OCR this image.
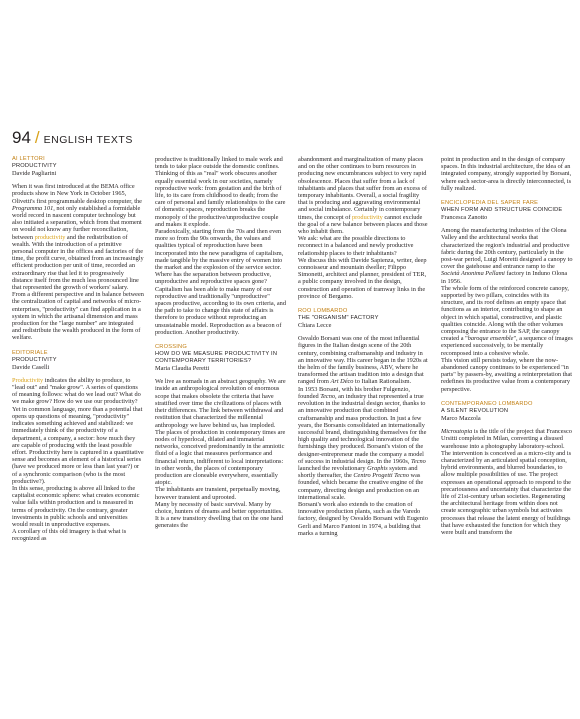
94 / ENGLISH TEXTS
AI LETTORI
PRODUCTIVITY
Davide Pagliarini

When it was first introduced at the BEMA office products show in New York in October 1965, Olivetti's first programmable desktop computer, the Programma 101, not only established a formidable world record in nascent computer technology but also initiated a separation, which from that moment on would not know any further reconciliation, between productivity and the redistribution of wealth. With the introduction of a primitive personal computer in the offices and factories of the time, the profit curve, obtained from an increasingly efficient production per unit of time, recorded an extraordinary rise that led it to progressively distance itself from the much less pronounced line that represented the growth of workers' salary.

From a different perspective and in balance between the centralization of capital and networks of micro-enterprises, "productivity" can find application in a system in which the artisanal dimension and mass production for the "large number" are integrated and redistribute the wealth produced in the form of welfare.

EDITORIALE
PRODUCTIVITY
Davide Caselli

Productivity indicates the ability to produce, to "lead out" and "make grow". A series of questions of meaning follows: what do we lead out? What do we make grow? How do we use our productivity? Yet in common language, more than a potential that opens up questions of meaning, "productivity" indicates something achieved and stabilized: we immediately think of the productivity of a department, a company, a sector: how much they are capable of producing with the least possible effort. Productivity here is captured in a quantitative sense and becomes an element of a historical series (have we produced more or less than last year?) or of a synchronic comparison (who is the most productive?).

In this sense, producing is above all linked to the capitalist economic sphere: what creates economic value falls within production and is measured in terms of productivity. On the contrary, greater investments in public schools and universities would result in unproductive expenses.

A corollary of this old imagery is that what is recognized as

productive is traditionally linked to male work and tends to take place outside the domestic confines. Thinking of this as "real" work obscures another equally essential work in our societies, namely reproductive work: from gestation and the birth of life, to its care from childhood to death; from the care of personal and family relationships to the care of domestic spaces, reproduction breaks the monopoly of the productive/unproductive couple and makes it explode.

Paradoxically, starting from the 70s and then even more so from the 90s onwards, the values and qualities typical of reproduction have been incorporated into the new paradigms of capitalism, made tangible by the massive entry of women into the market and the explosion of the service sector.

Where has the separation between productive, unproductive and reproductive spaces gone? Capitalism has been able to make many of our reproductive and traditionally "unproductive" spaces productive, according to its own criteria, and the path to take to change this state of affairs is therefore to produce without reproducing an unsustainable model. Reproduction as a beacon of production. Another productivity.

CROSSING
HOW DO WE MEASURE PRODUCTIVITY IN CONTEMPORARY TERRITORIES?
Maria Claudia Peretti

We live as nomads in an abstract geography. We are inside an anthropological revolution of enormous scope that makes obsolete the criteria that have stratified over time the civilizations of places with their differences. The link between withdrawal and restitution that characterized the millennial anthropology we have behind us, has imploded.

The places of production in contemporary times are nodes of hyperlocal, dilated and immaterial networks, conceived predominantly in the amniotic fluid of a logic that measures performance and financial return, indifferent to local interpretations: in other words, the places of contemporary production are cloneable everywhere, essentially atopic.

The inhabitants are transient, perpetually moving, however transient and uprooted.

Many by necessity of basic survival. Many by choice, hunters of dreams and better opportunities.

It is a new transitory dwelling that on the one hand generates the

abandonment and marginalization of many places and on the other continues to burn resources in producing new encumbrances subject to very rapid obsolescence. Places that suffer from a lack of inhabitants and places that suffer from an excess of temporary inhabitants. Overall, a social fragility that is producing and aggravating environmental and social imbalance. Certainly in contemporary times, the concept of productivity cannot exclude the goal of a new balance between places and those who inhabit them.

We ask: what are the possible directions to reconnect in a balanced and newly productive relationship places to their inhabitants?

We discuss this with Davide Sapienza, writer, deep connoisseur and mountain dweller; Filippo Simonetti, architect and planner, president of TER, a public company involved in the design, construction and operation of tramway links in the province of Bergamo.

ROO LOMBARDO
THE "ORGANISM" FACTORY
Chiara Lecce

Osvaldo Borsani was one of the most influential figures in the Italian design scene of the 20th century, combining craftsmanship and industry in an innovative way. His career began in the 1920s at the helm of the family business, ABV, where he transformed the artisan tradition into a design that ranged from Art Déco to Italian Rationalism.

In 1953 Borsani, with his brother Fulgenzio, founded Tecno, an industry that represented a true revolution in the industrial design sector, thanks to an innovative production that combined craftsmanship and mass production. In just a few years, the Borsanis consolidated an internationally successful brand, distinguishing themselves for the high quality and technological innovation of the furnishings they produced. Borsani's vision of the designer-entrepreneur made the company a model of success in industrial design. In the 1960s, Tecno launched the revolutionary Graphis system and shortly thereafter, the Centro Progetti Tecno was founded, which became the creative engine of the company, directing design and production on an international scale.

Borsani's work also extends to the creation of innovative production plants, such as the Varedo factory, designed by Osvaldo Borsani with Eugenio Gerli and Marco Fantoni in 1974, a building that marks a turning

point in production and in the design of company spaces. In this industrial architecture, the idea of an integrated company, strongly supported by Borsani, where each sector-area is directly interconnected, is fully realized.

ENCICLOPEDIA DEL SAPER FARE
WHEN FORM AND STRUCTURE COINCIDE
Francesca Zanotto

Among the manufacturing industries of the Olona Valley and the architectural works that characterized the region's industrial and productive fabric during the 20th century, particularly in the post-war period, Luigi Moretti designed a canopy to cover the gatehouse and entrance ramp to the Società Anonima Pellami factory in Induno Olona in 1956.

The whole form of the reinforced concrete canopy, supported by two pillars, coincides with its structure, and its roof defines an empty space that functions as an interior, contributing to shape an object in which spatial, constructive, and plastic qualities coincide. Along with the other volumes composing the entrance to the SAP, the canopy created a "baroque ensemble", a sequence of images experienced successively, to be mentally recomposed into a cohesive whole.

This vision still persists today, where the now-abandoned canopy continues to be experienced "in parts" by passers-by, awaiting a reinterpretation that redefines its productive value from a contemporary perspective.

CONTEMPORANEO LOMBARDO
A SILENT REVOLUTION
Marco Mazzola

Microutopia is the title of the project that Francesco Ursitti completed in Milan, converting a disused warehouse into a photography laboratory-school. The intervention is conceived as a micro-city and is characterized by an articulated spatial conception, hybrid environments, and blurred boundaries, to allow multiple possibilities of use. The project expresses an operational approach to respond to the precariousness and uncertainty that characterize the life of 21st-century urban societies. Regenerating the architectural heritage from within does not create scenographic urban symbols but activates processes that release the latent energy of buildings that have exhausted the function for which they were built and transform the
